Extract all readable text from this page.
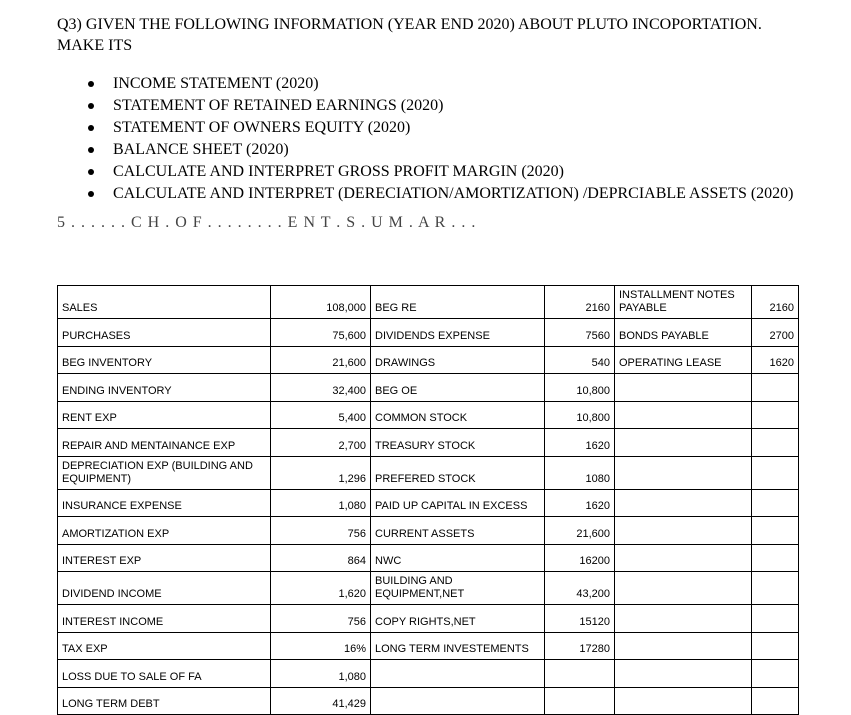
Q3) GIVEN THE FOLLOWING INFORMATION (YEAR END 2020) ABOUT PLUTO INCOPORTATION.
MAKE ITS
INCOME STATEMENT (2020)
STATEMENT OF RETAINED EARNINGS (2020)
STATEMENT OF OWNERS EQUITY (2020)
BALANCE SHEET (2020)
CALCULATE AND INTERPRET GROSS PROFIT MARGIN (2020)
CALCULATE AND INTERPRET (DERECIATION/AMORTIZATION) /DEPRCIABLE ASSETS (2020)
5 . . . . . . C H . O F . . . . . . . . E N T . S . U M . A R . . .
SALES	108,000	BEG RE	2160	INSTALLMENT NOTES PAYABLE	2160
PURCHASES	75,600	DIVIDENDS EXPENSE	7560	BONDS PAYABLE	2700
BEG INVENTORY	21,600	DRAWINGS	540	OPERATING LEASE	1620
ENDING INVENTORY	32,400	BEG OE	10,800		
RENT EXP	5,400	COMMON STOCK	10,800		
REPAIR AND MENTAINANCE EXP	2,700	TREASURY STOCK	1620		
DEPRECIATION EXP (BUILDING AND EQUIPMENT)	1,296	PREFERED STOCK	1080		
INSURANCE EXPENSE	1,080	PAID UP CAPITAL IN EXCESS	1620		
AMORTIZATION EXP	756	CURRENT ASSETS	21,600		
INTEREST EXP	864	NWC	16200		
DIVIDEND INCOME	1,620	BUILDING AND EQUIPMENT,NET	43,200		
INTEREST INCOME	756	COPY RIGHTS,NET	15120		
TAX EXP	16%	LONG TERM INVESTEMENTS	17280		
LOSS DUE TO SALE OF FA	1,080				
LONG TERM DEBT	41,429				
